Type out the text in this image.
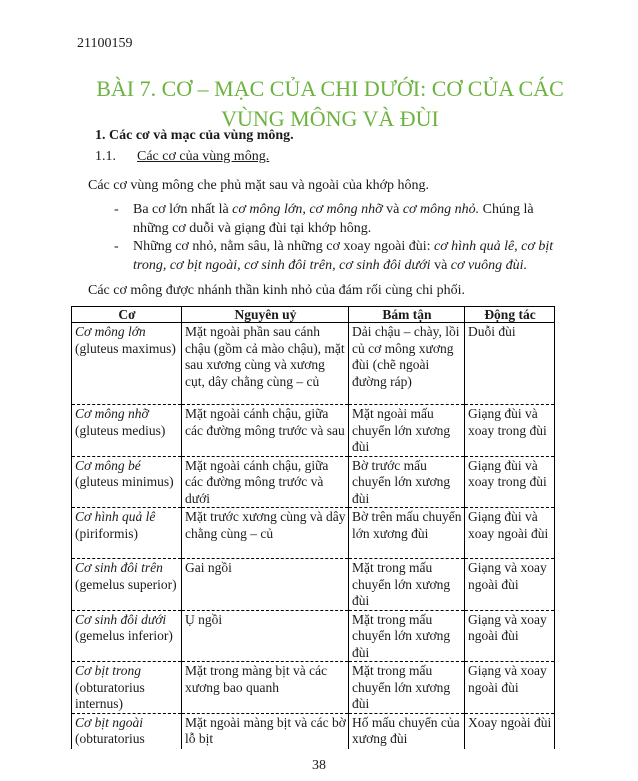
21100159
BÀI 7. CƠ – MẠC CỦA CHI DƯỚI: CƠ CỦA CÁC VÙNG MÔNG VÀ ĐÙI
1. Các cơ và mạc của vùng mông.
1.1. Các cơ của vùng mông.
Các cơ vùng mông che phủ mặt sau và ngoài của khớp hông.
- Ba cơ lớn nhất là cơ mông lớn, cơ mông nhỡ và cơ mông nhỏ. Chúng là những cơ duỗi và giạng đùi tại khớp hông.
- Những cơ nhỏ, nằm sâu, là những cơ xoay ngoài đùi: cơ hình quả lê, cơ bịt trong, cơ bịt ngoài, cơ sinh đôi trên, cơ sinh đôi dưới và cơ vuông đùi.
Các cơ mông được nhánh thần kinh nhỏ của đám rối cùng chi phối.
Cơ	Nguyên uỷ	Bám tận	Động tác

Cơ mông lớn
(gluteus maximus)	Mặt ngoài phần sau cánh chậu (gồm cả mào chậu), mặt sau xương cùng và xương cụt, dây chằng cùng – củ	Dải chậu – chày, lồi củ cơ mông xương đùi (chẽ ngoài đường ráp)	Duỗi đùi

Cơ mông nhỡ
(gluteus medius)	Mặt ngoài cánh chậu, giữa các đường mông trước và sau	Mặt ngoài mấu chuyển lớn xương đùi	Giạng đùi và xoay trong đùi

Cơ mông bé
(gluteus minimus)	Mặt ngoài cánh chậu, giữa các đường mông trước và dưới	Bờ trước mấu chuyển lớn xương đùi	Giạng đùi và xoay trong đùi

Cơ hình quả lê
(piriformis)	Mặt trước xương cùng và dây chằng cùng – củ	Bờ trên mấu chuyển lớn xương đùi	Giạng đùi và xoay ngoài đùi

Cơ sinh đôi trên
(gemelus superior)	Gai ngồi	Mặt trong mấu chuyển lớn xương đùi	Giạng và xoay ngoài đùi

Cơ sinh đôi dưới
(gemelus inferior)	Ụ ngồi	Mặt trong mấu chuyển lớn xương đùi	Giạng và xoay ngoài đùi

Cơ bịt trong
(obturatorius internus)	Mặt trong màng bịt và các xương bao quanh	Mặt trong mấu chuyển lớn xương đùi	Giạng và xoay ngoài đùi

Cơ bịt ngoài
(obturatorius	Mặt ngoài màng bịt và các bờ lỗ bịt	Hố mấu chuyển của xương đùi	Xoay ngoài đùi
38
